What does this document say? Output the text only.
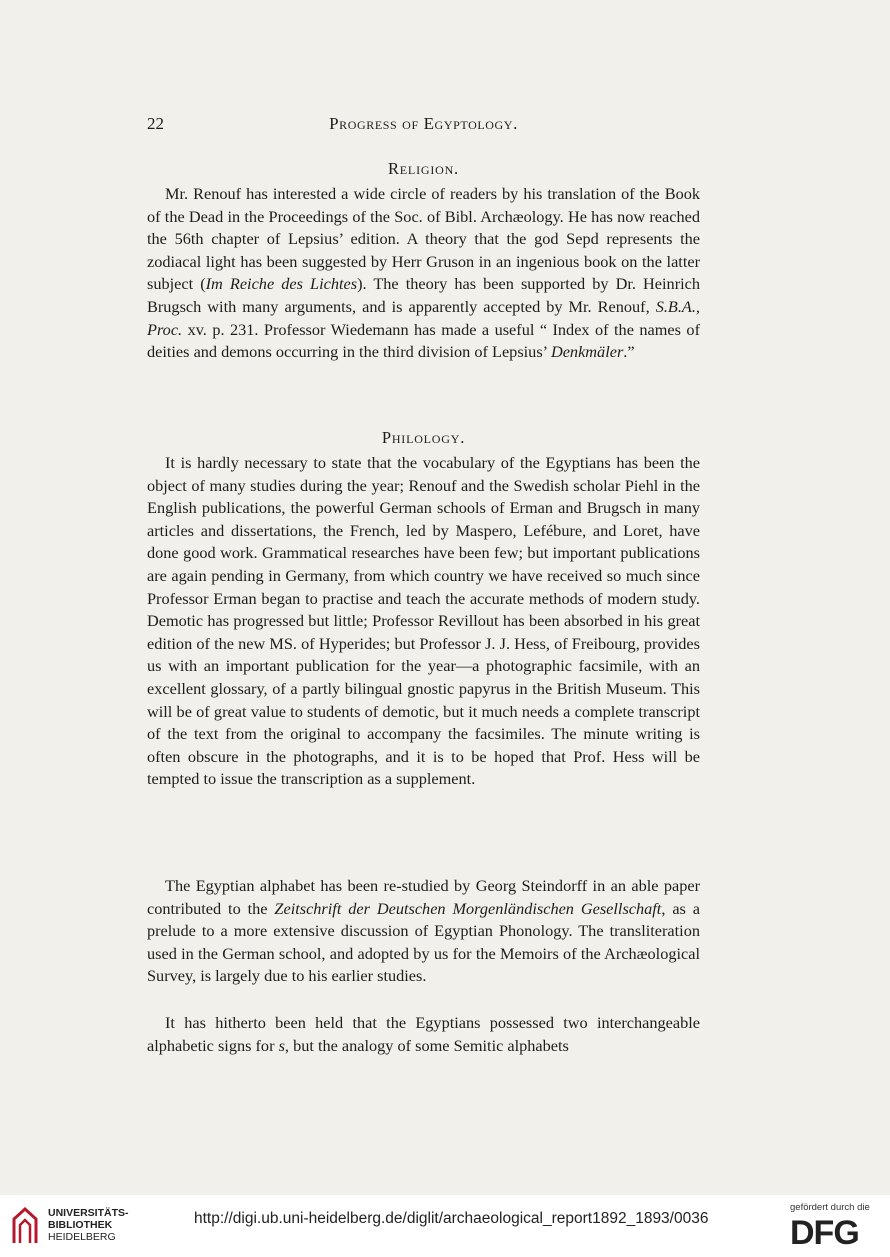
22	Progress of Egyptology.
Religion.

Mr. Renouf has interested a wide circle of readers by his translation of the Book of the Dead in the Proceedings of the Soc. of Bibl. Archæology. He has now reached the 56th chapter of Lepsius’ edition. A theory that the god Sepd represents the zodiacal light has been suggested by Herr Gruson in an ingenious book on the latter subject (Im Reiche des Lichtes). The theory has been supported by Dr. Heinrich Brugsch with many arguments, and is apparently accepted by Mr. Renouf, S.B.A., Proc. xv. p. 231. Professor Wiedemann has made a useful “ Index of the names of deities and demons occurring in the third division of Lepsius’ Denkmäler.”

Philology.

It is hardly necessary to state that the vocabulary of the Egyptians has been the object of many studies during the year; Renouf and the Swedish scholar Piehl in the English publications, the powerful German schools of Erman and Brugsch in many articles and dissertations, the French, led by Maspero, Lefébure, and Loret, have done good work. Grammatical researches have been few; but important publications are again pending in Germany, from which country we have received so much since Professor Erman began to practise and teach the accurate methods of modern study. Demotic has progressed but little; Professor Revillout has been absorbed in his great edition of the new MS. of Hyperides; but Professor J. J. Hess, of Freibourg, provides us with an important publication for the year—a photographic facsimile, with an excellent glossary, of a partly bilingual gnostic papyrus in the British Museum. This will be of great value to students of demotic, but it much needs a complete transcript of the text from the original to accompany the facsimiles. The minute writing is often obscure in the photographs, and it is to be hoped that Prof. Hess will be tempted to issue the transcription as a supplement.

The Egyptian alphabet has been re-studied by Georg Steindorff in an able paper contributed to the Zeitschrift der Deutschen Morgenländischen Gesellschaft, as a prelude to a more extensive discussion of Egyptian Phonology. The transliteration used in the German school, and adopted by us for the Memoirs of the Archæological Survey, is largely due to his earlier studies.

It has hitherto been held that the Egyptians possessed two interchangeable alphabetic signs for s, but the analogy of some Semitic alphabets

UNIVERSITÄTS-
BIBLIOTHEK
HEIDELBERG
http://digi.ub.uni-heidelberg.de/diglit/archaeological_report1892_1893/0036
gefördert durch die
DFG
